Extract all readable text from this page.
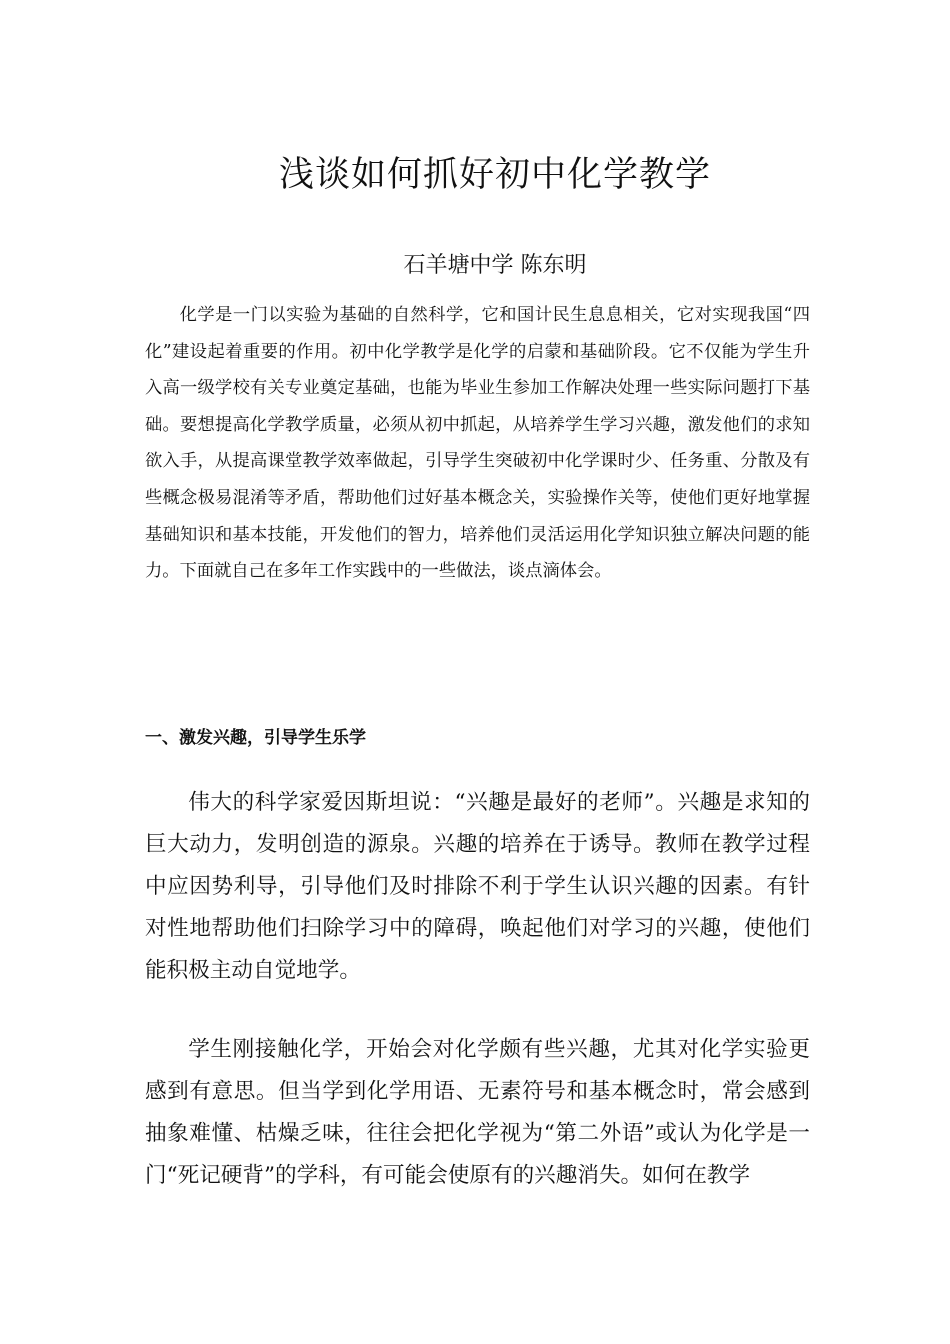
浅谈如何抓好初中化学教学
石羊塘中学 陈东明

化学是一门以实验为基础的自然科学，它和国计民生息息相关，它对实现我国“四化”建设起着重要的作用。初中化学教学是化学的启蒙和基础阶段。它不仅能为学生升入高一级学校有关专业奠定基础，也能为毕业生参加工作解决处理一些实际问题打下基础。要想提高化学教学质量，必须从初中抓起，从培养学生学习兴趣，激发他们的求知欲入手，从提高课堂教学效率做起，引导学生突破初中化学课时少、任务重、分散及有些概念极易混淆等矛盾，帮助他们过好基本概念关，实验操作关等，使他们更好地掌握基础知识和基本技能，开发他们的智力，培养他们灵活运用化学知识独立解决问题的能力。下面就自己在多年工作实践中的一些做法，谈点滴体会。

一、激发兴趣，引导学生乐学

伟大的科学家爱因斯坦说：“兴趣是最好的老师”。兴趣是求知的巨大动力，发明创造的源泉。兴趣的培养在于诱导。教师在教学过程中应因势利导，引导他们及时排除不利于学生认识兴趣的因素。有针对性地帮助他们扫除学习中的障碍，唤起他们对学习的兴趣，使他们能积极主动自觉地学。

学生刚接触化学，开始会对化学颇有些兴趣，尤其对化学实验更感到有意思。但当学到化学用语、无素符号和基本概念时，常会感到抽象难懂、枯燥乏味，往往会把化学视为“第二外语”或认为化学是一门“死记硬背”的学科，有可能会使原有的兴趣消失。如何在教学
